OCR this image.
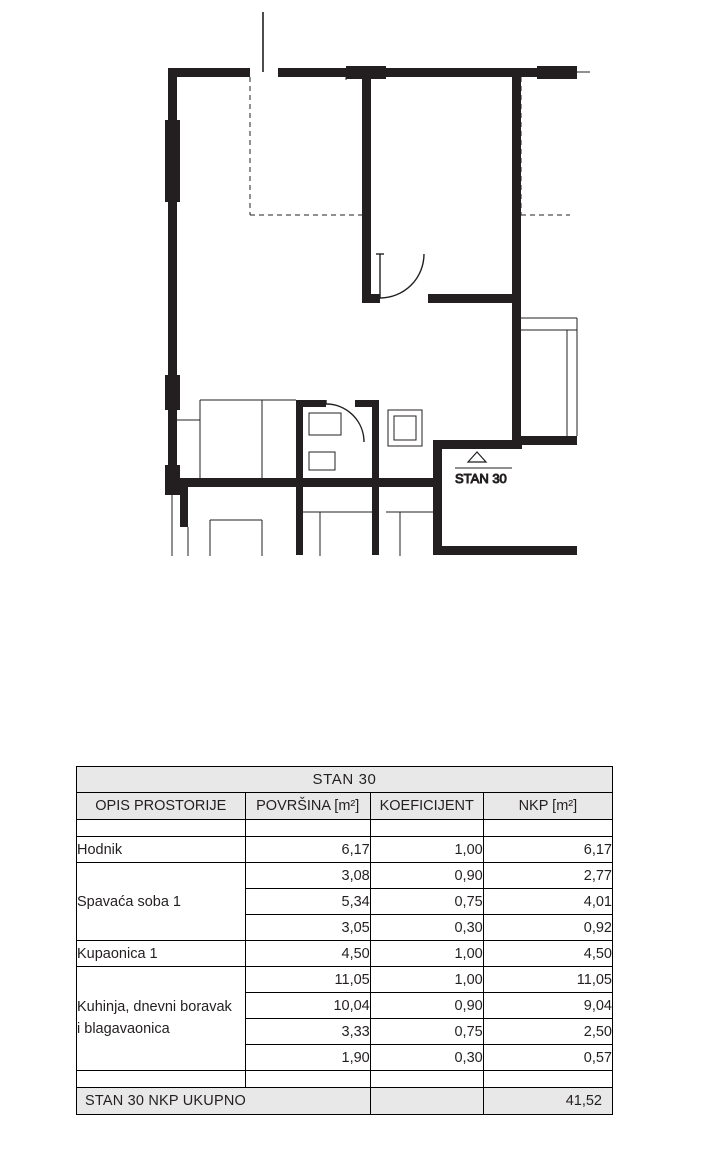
STAN 30
STAN 30			
OPIS PROSTORIJE	POVRŠINA [m²]	KOEFICIJENT	NKP [m²]

Hodnik	6,17	1,00	6,17
Spavaća soba 1	3,08	0,90	2,77
	5,34	0,75	4,01
	3,05	0,30	0,92
Kupaonica 1	4,50	1,00	4,50

Kuhinja, dnevni boravak
i blagavaonica	11,05	1,00	11,05
	10,04	0,90	9,04
	3,33	0,75	2,50
	1,90	0,30	0,57

STAN 30 NKP UKUPNO			41,52
